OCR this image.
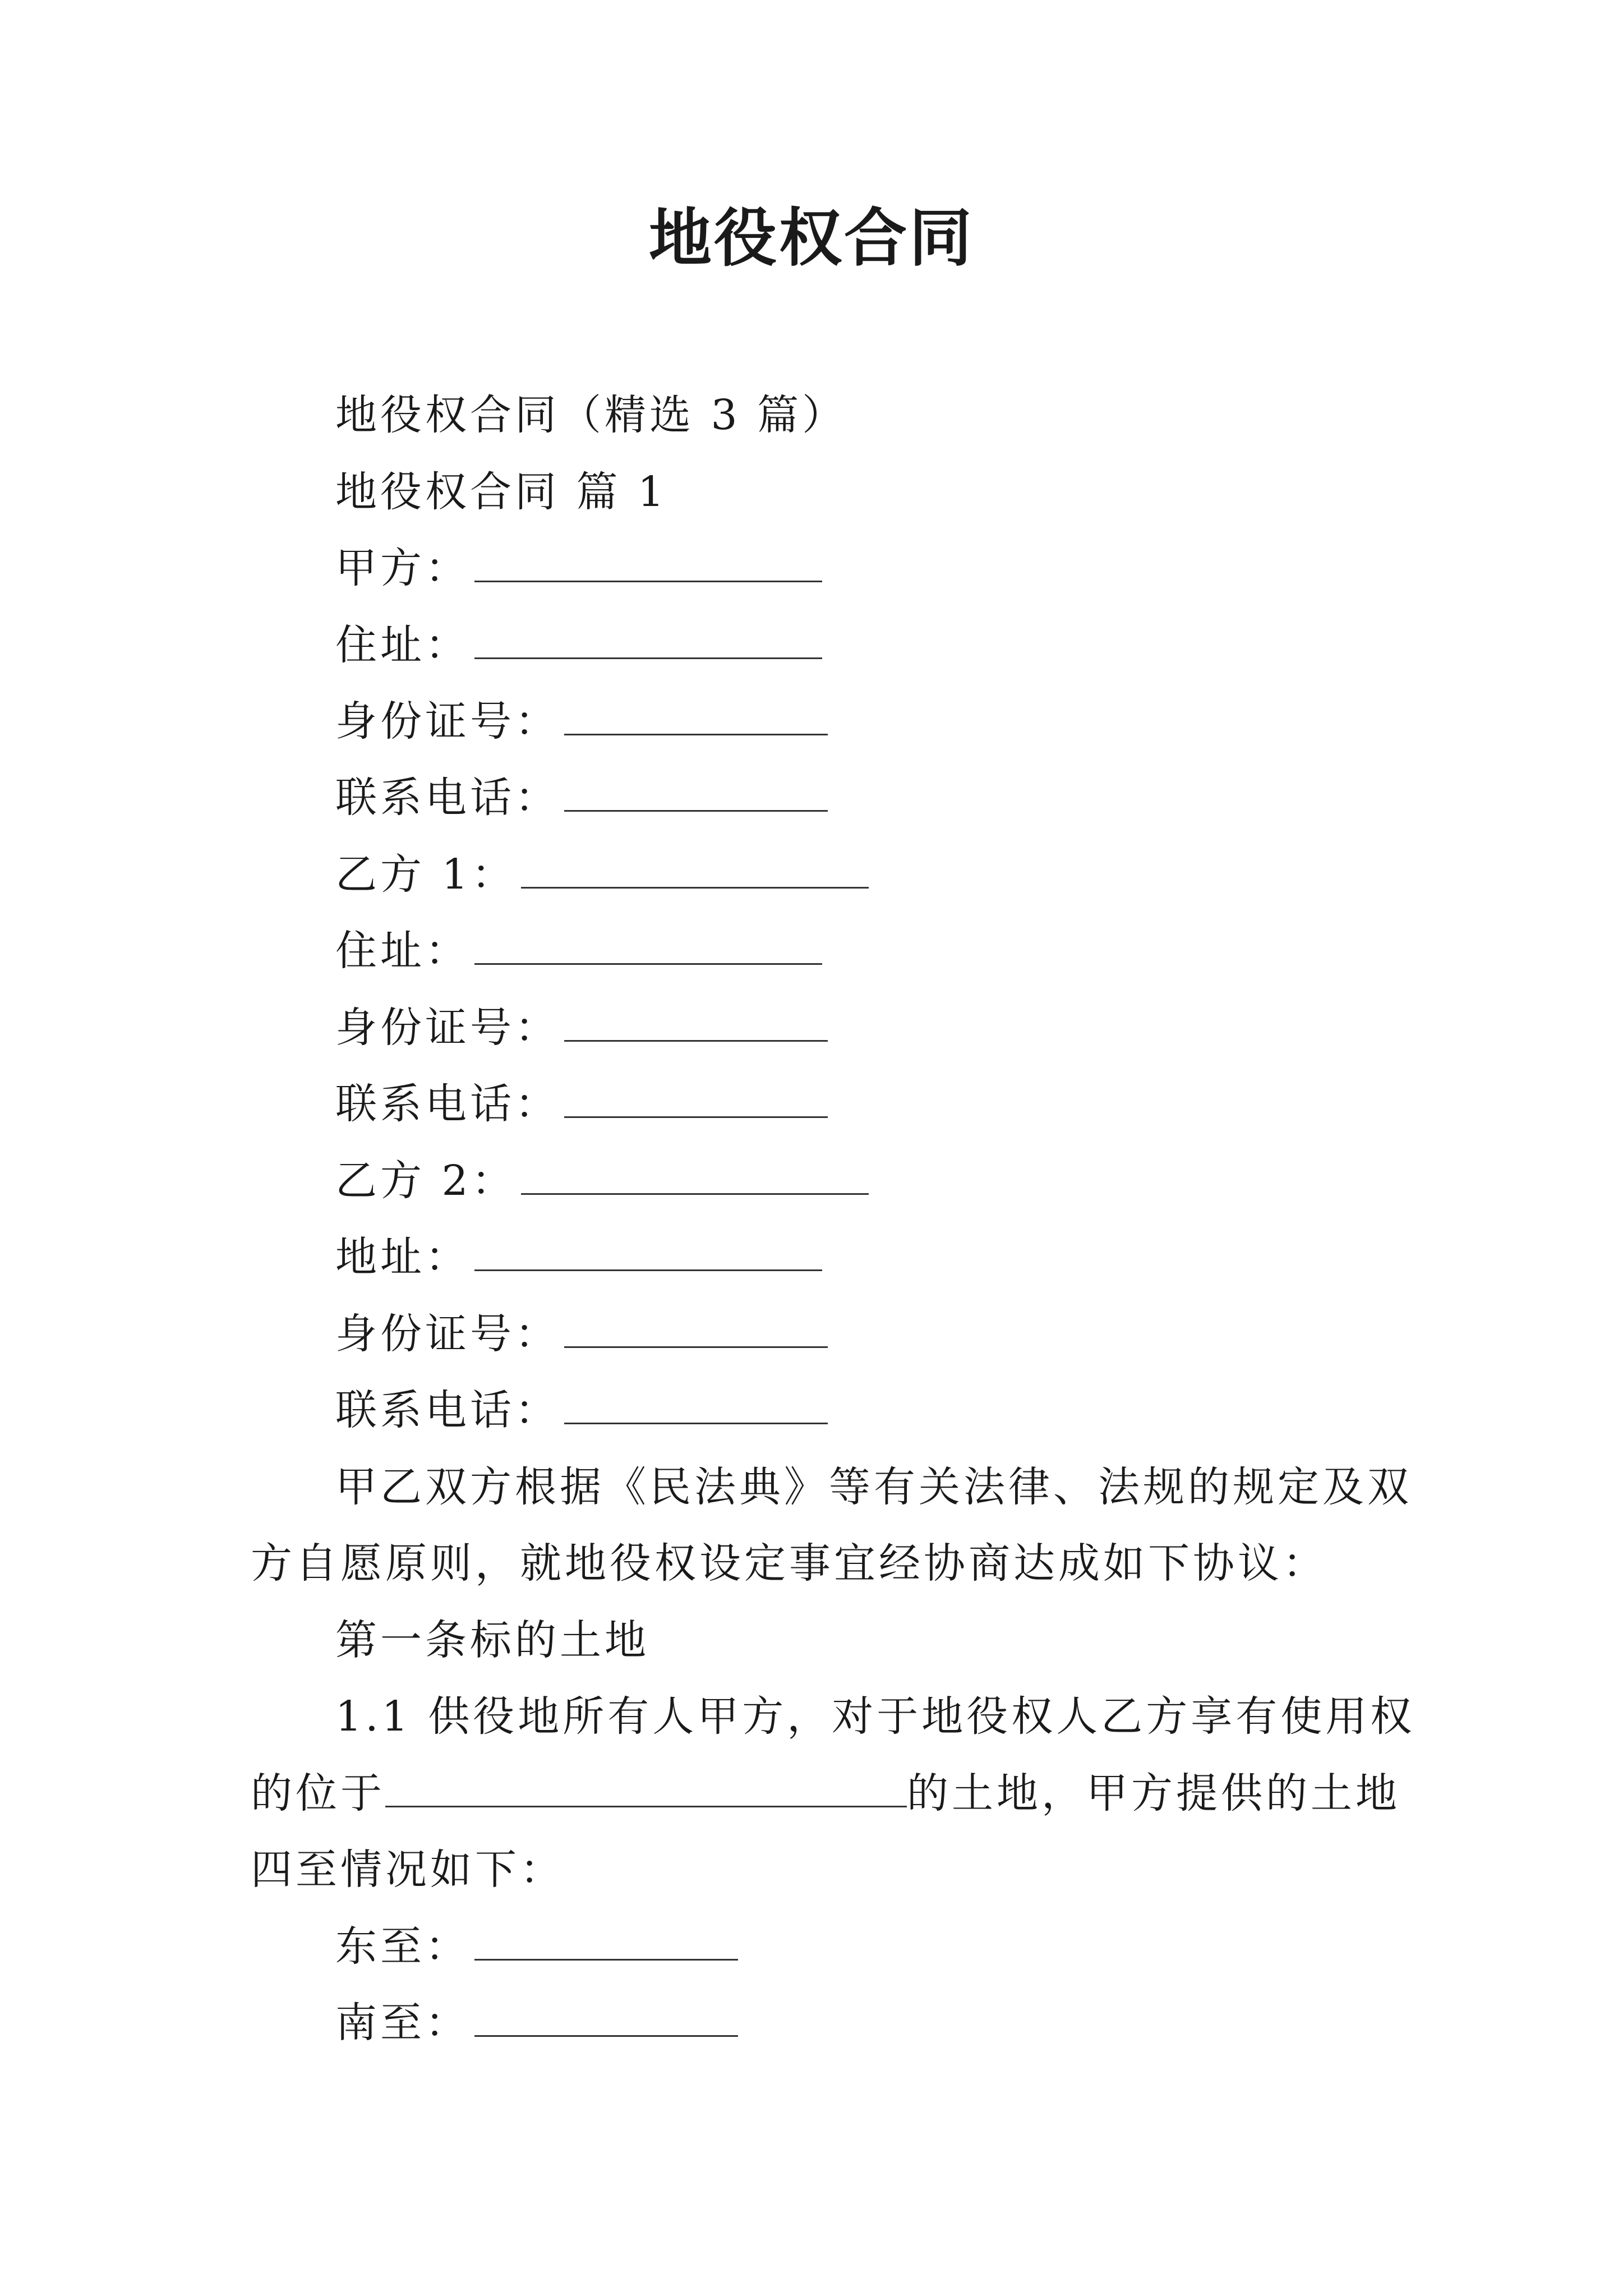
地役权合同
地役权合同（精选 3 篇）
地役权合同 篇 1
甲方：
住址：
身份证号：
联系电话：
乙方 1：
住址：
身份证号：
联系电话：
乙方 2：
地址：
身份证号：
联系电话：
甲乙双方根据《民法典》等有关法律、法规的规定及双
方自愿原则，就地役权设定事宜经协商达成如下协议：
第一条标的土地
1.1 供役地所有人甲方，对于地役权人乙方享有使用权
的位于	的土地，甲方提供的土地
四至情况如下：
东至：
南至：
